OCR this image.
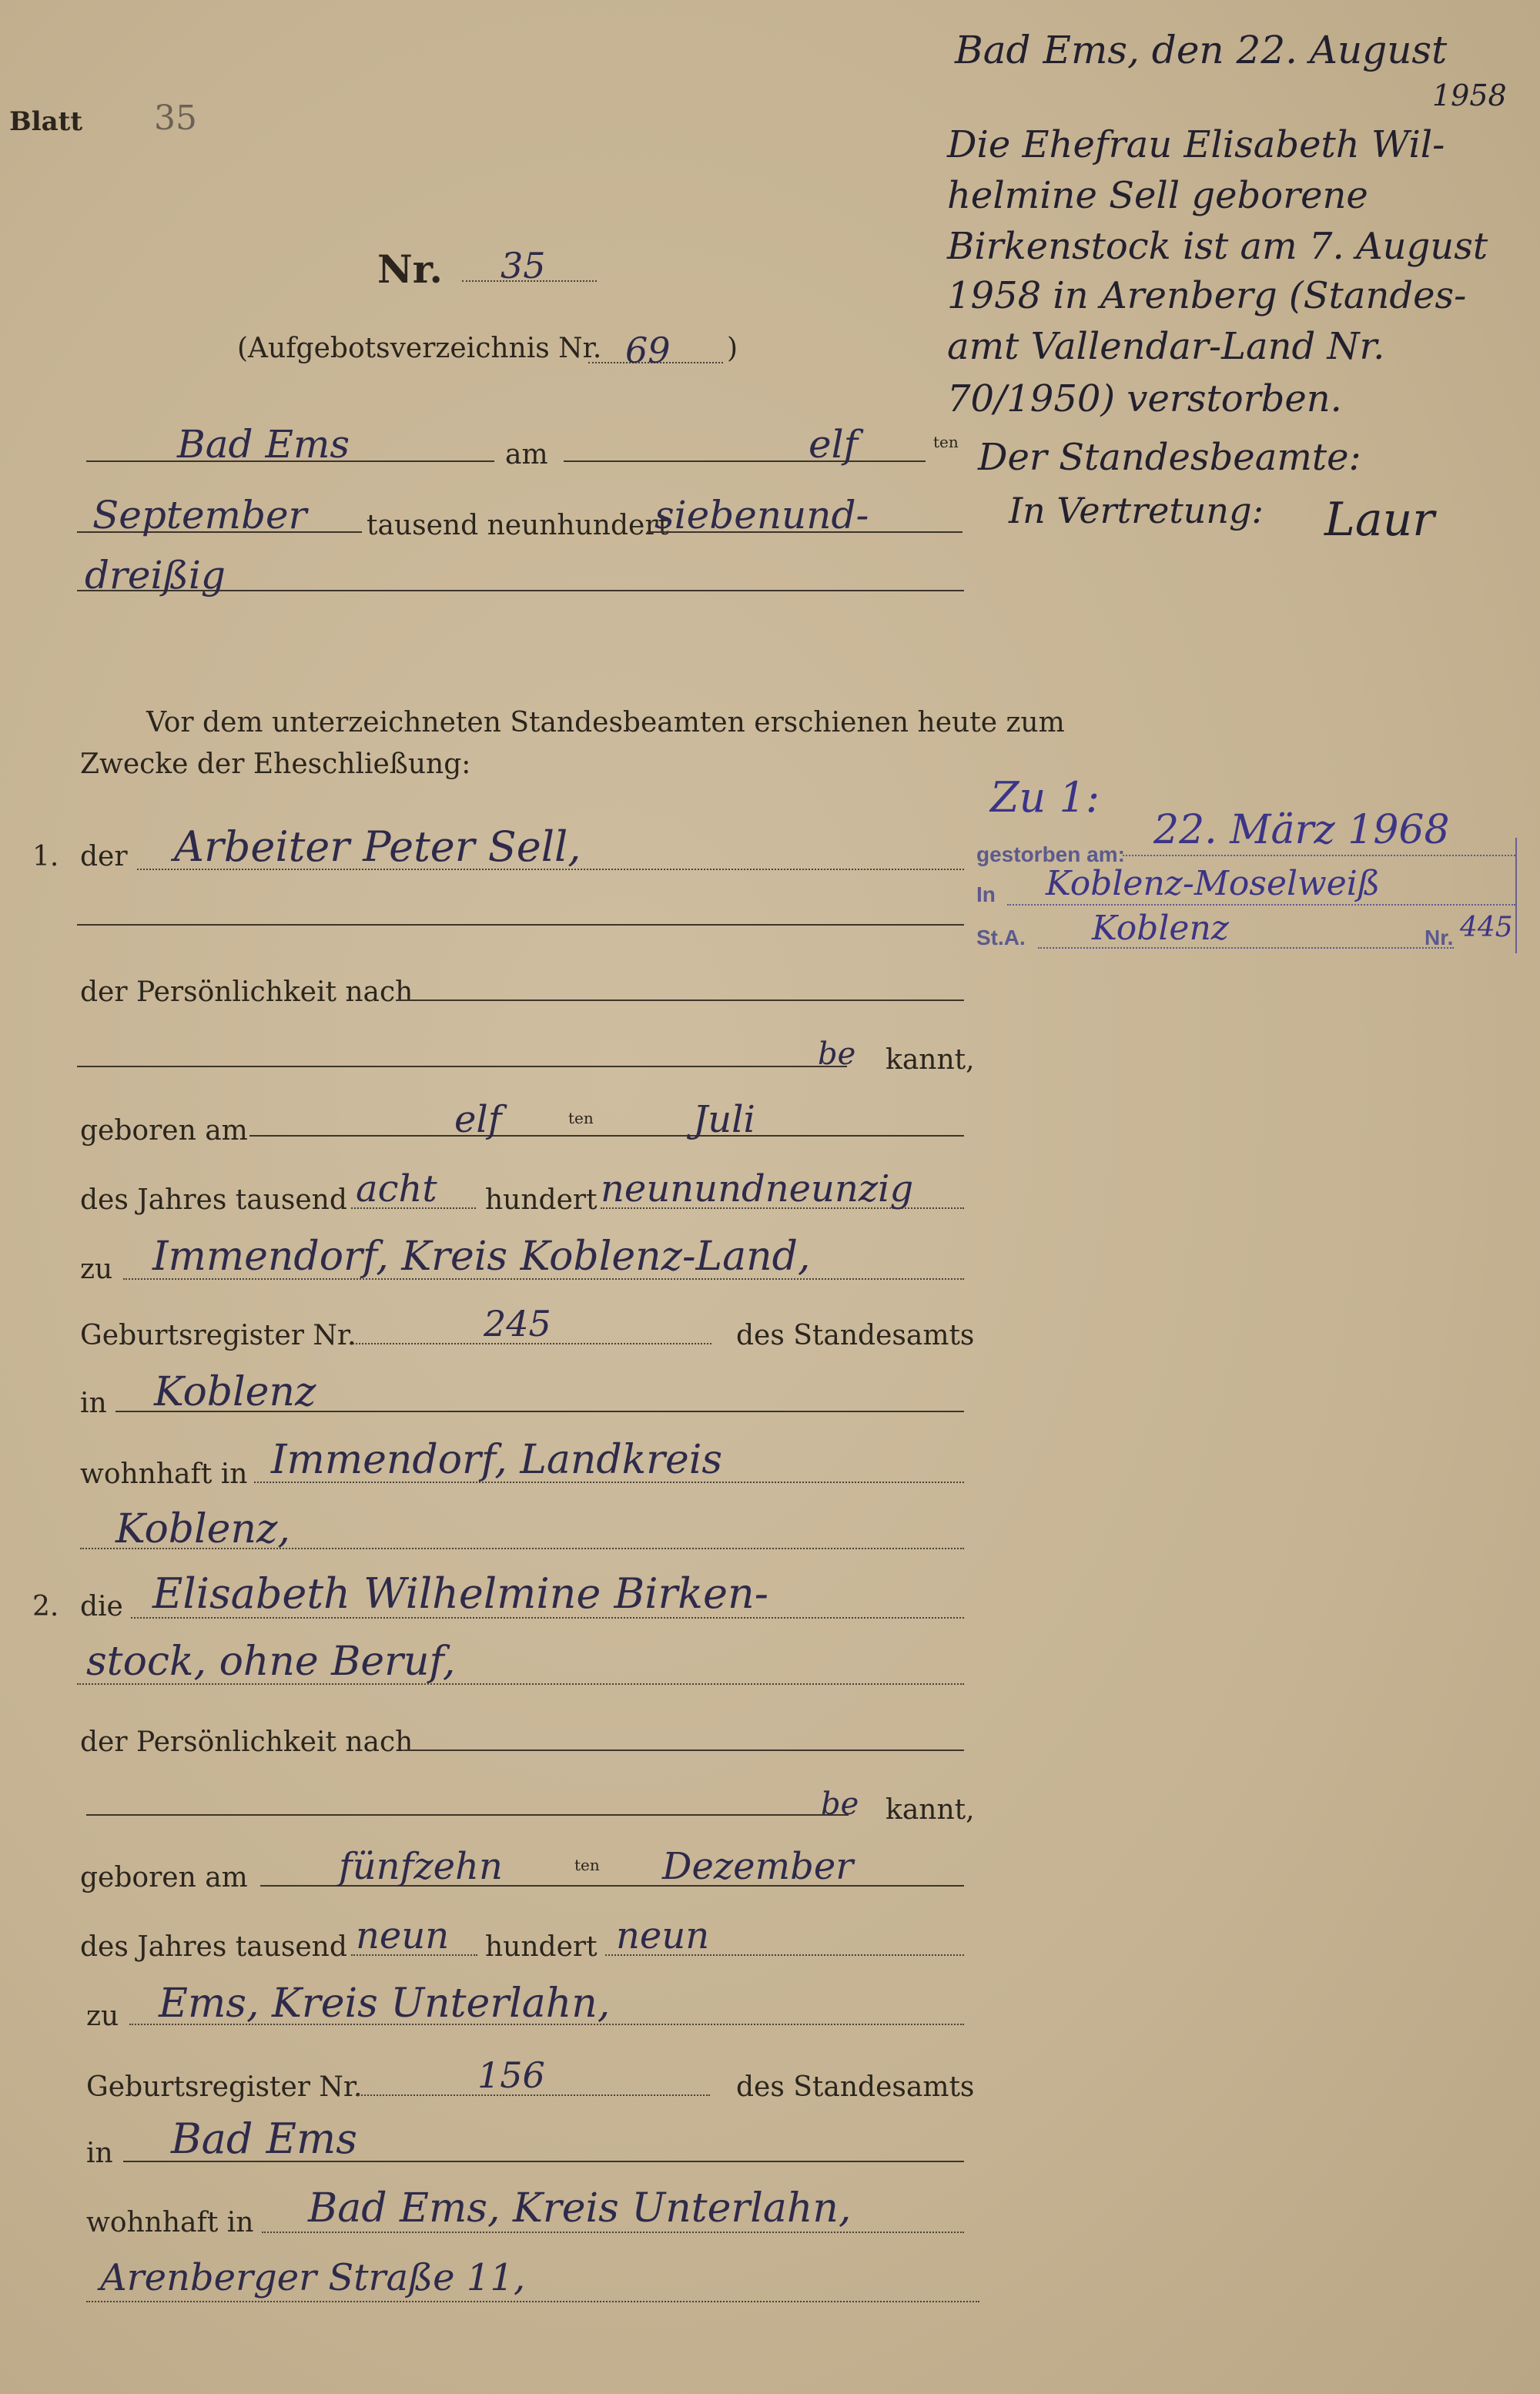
Blatt 35
Nr. 35
(Aufgebotsverzeichnis Nr. 69 )
Bad Ems	am	elf	ten
September tausend neunhundert
siebenund-
dreißig
Vor dem unterzeichneten Standesbeamten erschienen heute zum
Zwecke der Eheschließung:
1. der Arbeiter Peter Sell,
der Persönlichkeit nach
be kannt,
geboren am	elf	ten	Juli
des Jahres tausend acht hundert neunundneunzig
zu Immendorf, Kreis Koblenz-Land,
Geburtsregister Nr.	245	des Standesamts
in Koblenz
wohnhaft in Immendorf, Landkreis
Koblenz,
2. die Elisabeth Wilhelmine Birken-
stock, ohne Beruf,
der Persönlichkeit nach
be kannt,
geboren am fünfzehn	ten Dezember
des Jahres tausend neun hundert neun
zu Ems, Kreis Unterlahn,
Geburtsregister Nr.	156	des Standesamts
in Bad Ems
wohnhaft in Bad Ems, Kreis Unterlahn,
Arenberger Straße 11,
Bad Ems, den 22. August
1958
Die Ehefrau Elisabeth Wil-
helmine Sell geborene
Birkenstock ist am 7. August
1958 in Arenberg (Standes-
amt Vallendar-Land Nr.
70/1950) verstorben.
Der Standesbeamte:
In Vertretung:	Laur
Zu 1:
gestorben am:
22. März 1968
In Koblenz-Moselweiß
St.A. Koblenz	Nr. 445
